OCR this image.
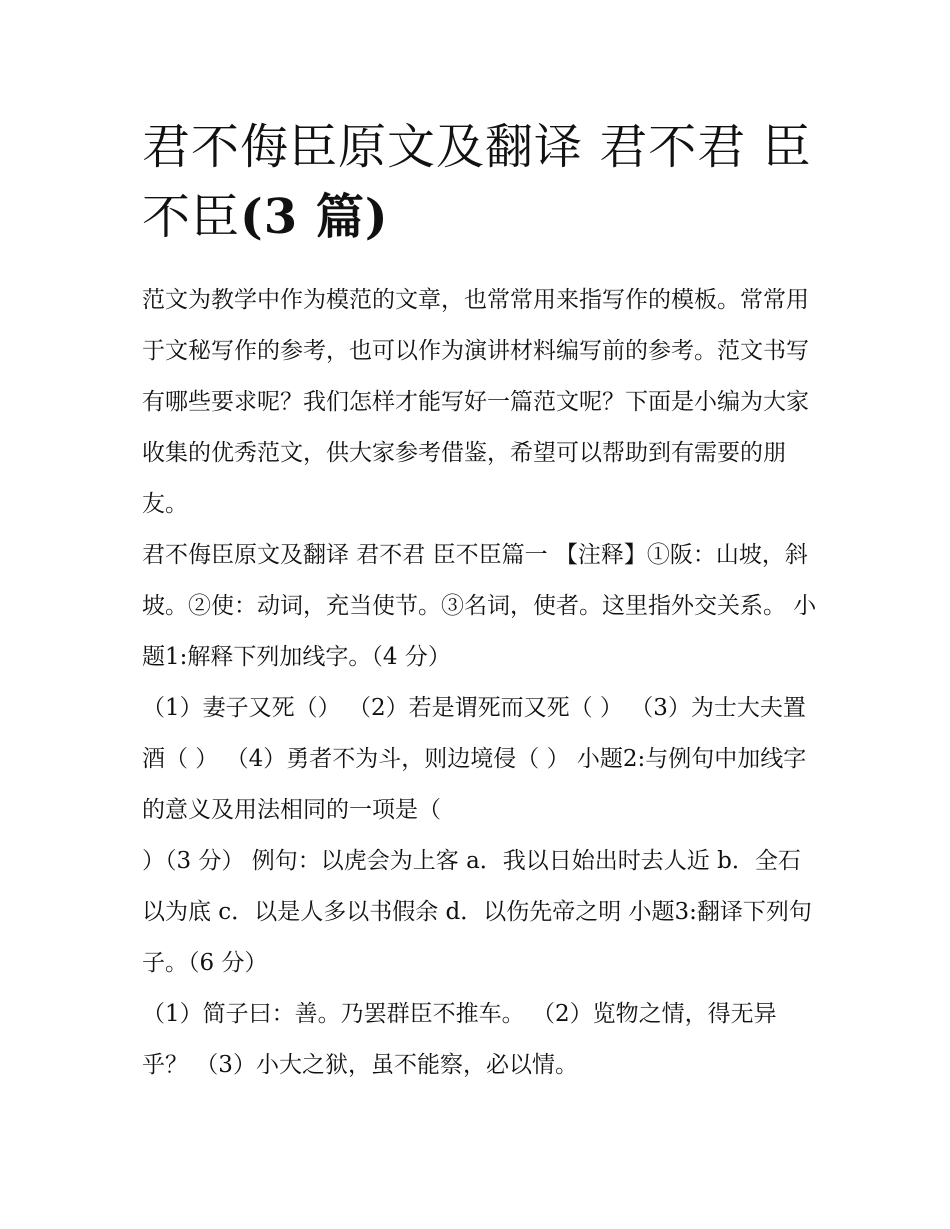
君不侮臣原文及翻译 君不君 臣不臣(3 篇)

范文为教学中作为模范的文章，也常常用来指写作的模板。常常用于文秘写作的参考，也可以作为演讲材料编写前的参考。范文书写有哪些要求呢？我们怎样才能写好一篇范文呢？下面是小编为大家收集的优秀范文，供大家参考借鉴，希望可以帮助到有需要的朋友。

君不侮臣原文及翻译 君不君 臣不臣篇一 【注释】①阪：山坡，斜坡。②使：动词，充当使节。③名词，使者。这里指外交关系。 小题1:解释下列加线字。（4 分）

（1）妻子又死（） （2）若是谓死而又死（ ） （3）为士大夫置酒（ ） （4）勇者不为斗，则边境侵（ ） 小题2:与例句中加线字的意义及用法相同的一项是（

）（3 分） 例句：以虎会为上客 a．我以日始出时去人近 b．全石以为底 c．以是人多以书假余 d．以伤先帝之明 小题3:翻译下列句子。（6 分）

（1）简子曰：善。乃罢群臣不推车。 （2）览物之情，得无异乎？ （3）小大之狱，虽不能察，必以情。
